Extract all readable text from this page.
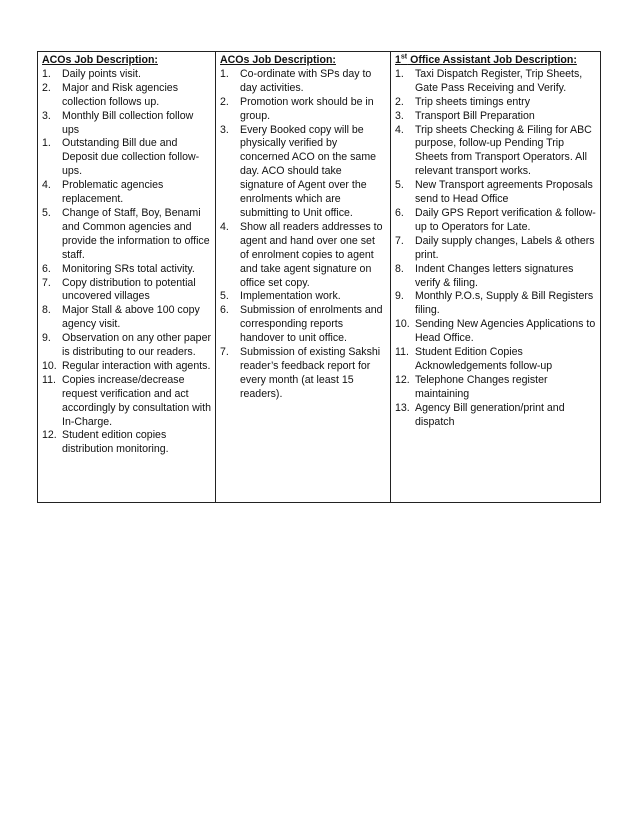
ACOs Job Description:
1. Daily points visit.
2. Major and Risk agencies collection follows up.
3. Monthly Bill collection follow ups
1. Outstanding Bill due and Deposit due collection follow-ups.
4. Problematic agencies replacement.
5. Change of Staff, Boy, Benami and Common agencies and provide the information to office staff.
6. Monitoring SRs total activity.
7. Copy distribution to potential uncovered villages
8. Major Stall & above 100 copy agency visit.
9. Observation on any other paper is distributing to our readers.
10. Regular interaction with agents.
11. Copies increase/decrease request verification and act accordingly by consultation with In-Charge.
12. Student edition copies distribution monitoring.

ACOs Job Description:
1. Co-ordinate with SPs day to day activities.
2. Promotion work should be in group.
3. Every Booked copy will be physically verified by concerned ACO on the same day. ACO should take signature of Agent over the enrolments which are submitting to Unit office.
4. Show all readers addresses to agent and hand over one set of enrolment copies to agent and take agent signature on office set copy.
5. Implementation work.
6. Submission of enrolments and corresponding reports handover to unit office.
7. Submission of existing Sakshi reader’s feedback report for every month (at least 15 readers).

1st Office Assistant Job Description:
1. Taxi Dispatch Register, Trip Sheets, Gate Pass Receiving and Verify.
2. Trip sheets timings entry
3. Transport Bill Preparation
4. Trip sheets Checking & Filing for ABC purpose, follow-up Pending Trip Sheets from Transport Operators. All relevant transport works.
5. New Transport agreements Proposals send to Head Office
6. Daily GPS Report verification & follow-up to Operators for Late.
7. Daily supply changes, Labels & others print.
8. Indent Changes letters signatures verify & filing.
9. Monthly P.O.s, Supply & Bill Registers filing.
10. Sending New Agencies Applications to Head Office.
11. Student Edition Copies Acknowledgements follow-up
12. Telephone Changes register maintaining
13. Agency Bill generation/print and dispatch
